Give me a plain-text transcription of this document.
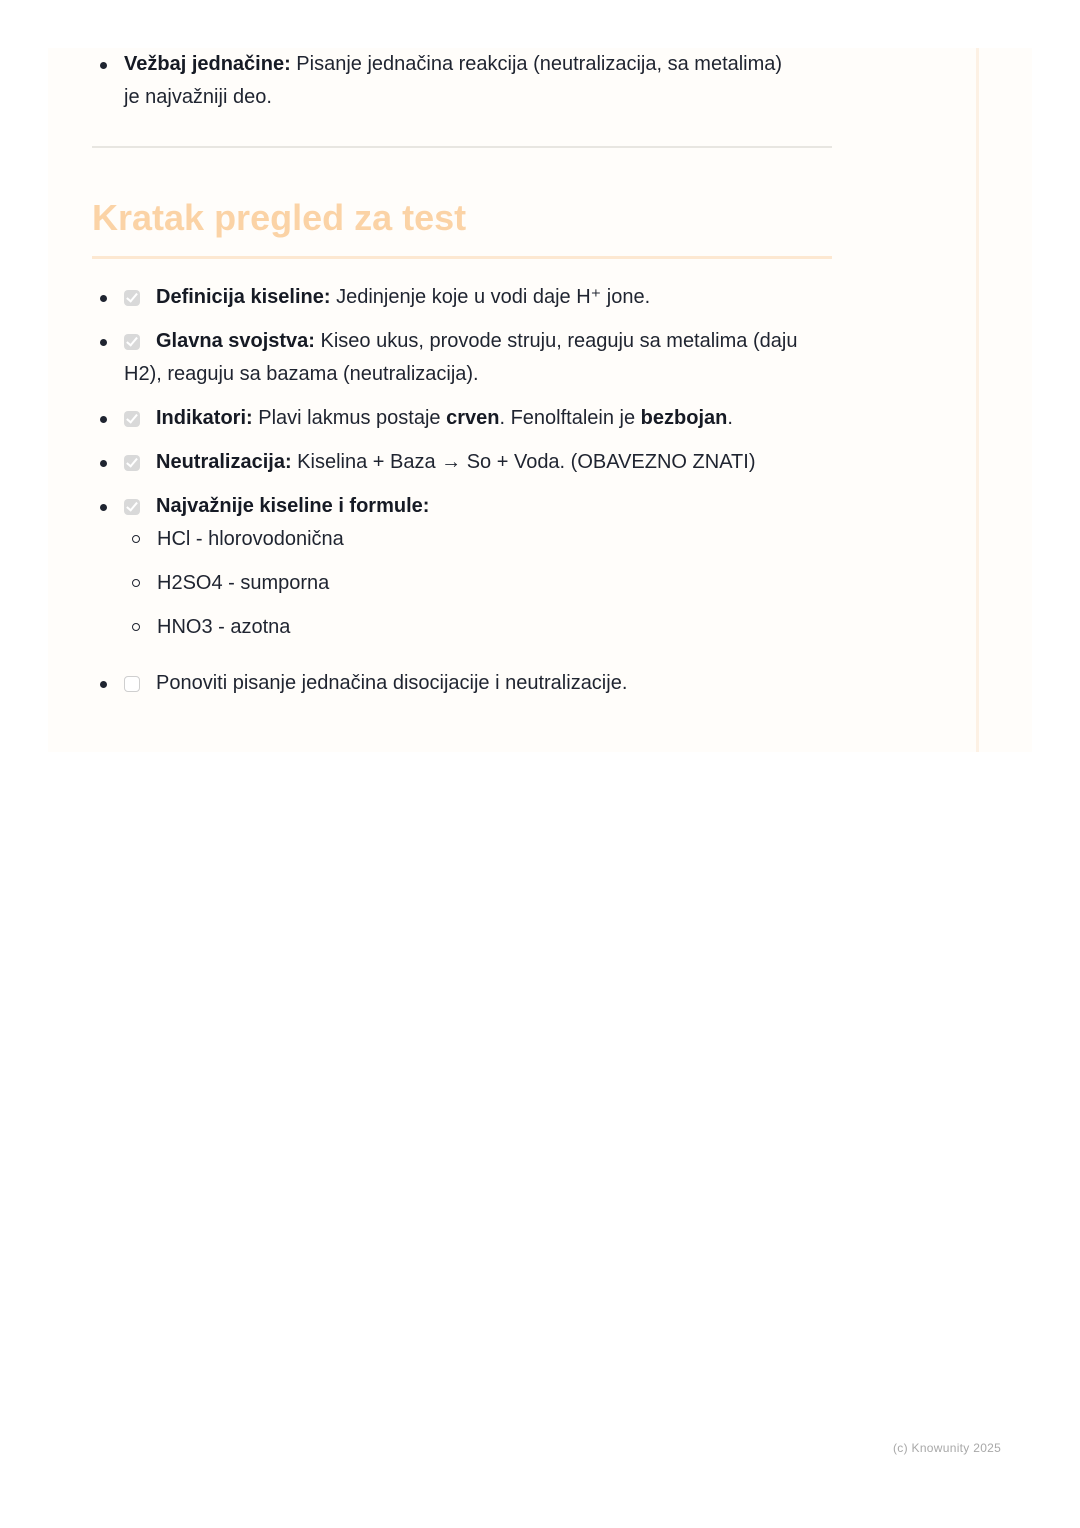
Vežbaj jednačine: Pisanje jednačina reakcija (neutralizacija, sa metalima)
je najvažniji deo.
Kratak pregled za test
Definicija kiseline: Jedinjenje koje u vodi daje H⁺ jone.
Glavna svojstva: Kiseo ukus, provode struju, reaguju sa metalima (daju
H2), reaguju sa bazama (neutralizacija).
Indikatori: Plavi lakmus postaje crven. Fenolftalein je bezbojan.
Neutralizacija: Kiselina + Baza → So + Voda. (OBAVEZNO ZNATI)
Najvažnije kiseline i formule:
HCl - hlorovodonična
H2SO4 - sumporna
HNO3 - azotna
Ponoviti pisanje jednačina disocijacije i neutralizacije.
(c) Knowunity 2025
